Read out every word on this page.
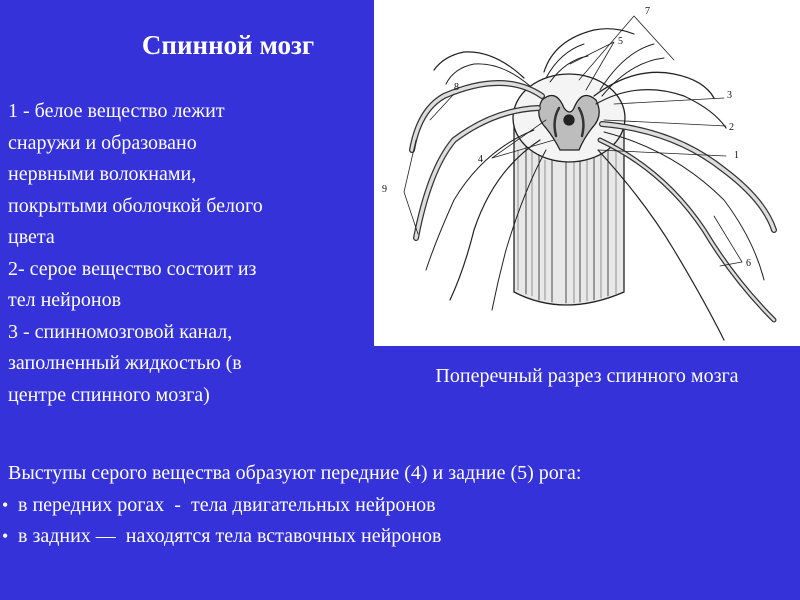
Спинной мозг
1 - белое вещество лежит
снаружи и образовано
нервными волокнами,
покрытыми оболочкой белого
цвета
2- серое вещество состоит из
тел нейронов
3 - спинномозговой канал,
заполненный жидкостью (в
центре спинного мозга)
7
5
8
3
2
4	1
9
6
Поперечный разрез спинного мозга
Выступы серого вещества образуют передние (4) и задние (5) рога:
• в передних рогах  -  тела двигательных нейронов
• в задних —  находятся тела вставочных нейронов
